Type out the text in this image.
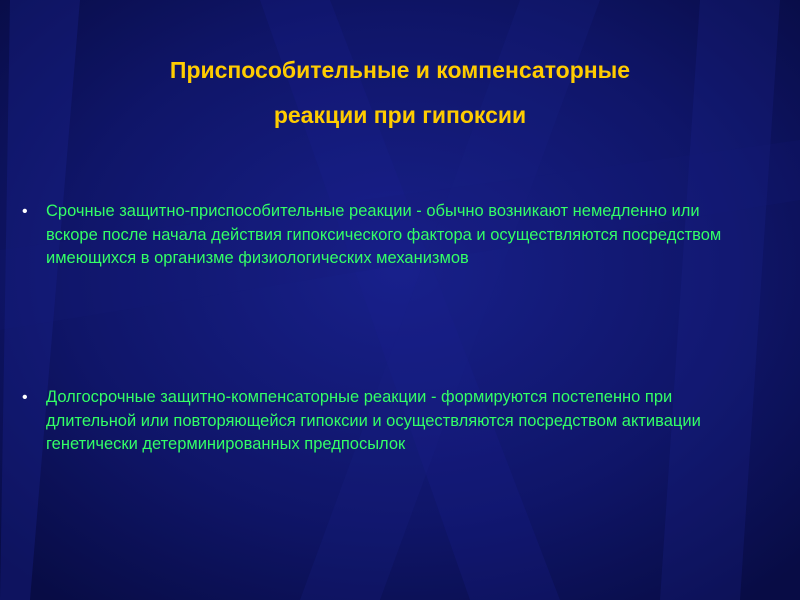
Приспособительные и компенсаторные
реакции при гипоксии
•	Срочные защитно-приспособительные реакции - обычно возникают немедленно или вскоре после начала действия гипоксического фактора и осуществляются посредством имеющихся в организме физиологических механизмов
•	Долгосрочные защитно-компенсаторные реакции - формируются постепенно при длительной или повторяющейся гипоксии и осуществляются посредством активации генетически детерминированных предпосылок
